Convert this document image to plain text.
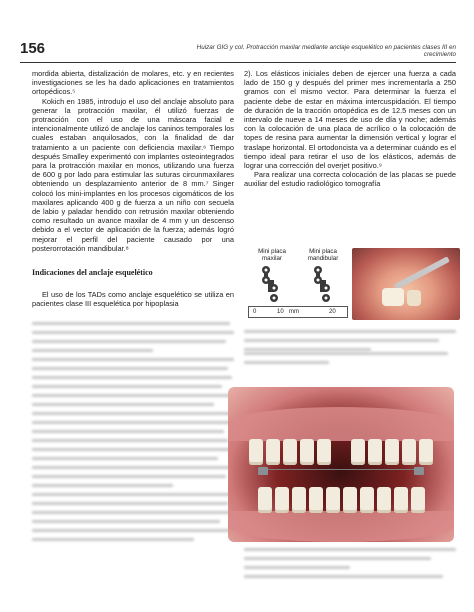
156	Huizar GIG y col. Protracción maxilar mediante anclaje esquelético en pacientes clases III en crecimiento

mordida abierta, distalización de molares, etc. y en recientes investigaciones se les ha dado aplicaciones en tratamientos ortopédicos.⁵

Kokich en 1985, introdujo el uso del anclaje absoluto para generar la protracción maxilar, él utilizó fuerzas de protracción con el uso de una máscara facial e intencionalmente utilizó de anclaje los caninos temporales los cuales estaban anquilosados, con la finalidad de dar tratamiento a un paciente con deficiencia maxilar.⁶ Tiempo después Smalley experimentó con implantes osteointegrados para la protracción maxilar en monos, utilizando una fuerza de 600 g por lado para estimular las suturas circunmaxilares obteniendo un desplazamiento anterior de 8 mm.⁷ Singer colocó los mini-implantes en los procesos cigomáticos de los maxilares aplicando 400 g de fuerza a un niño con secuela de labio y paladar hendido con retrusión maxilar obteniendo como resultado un avance maxilar de 4 mm y un descenso debido a el vector de aplicación de la fuerza; además logró mejorar el perfil del paciente causado por una posterorrotación mandibular.⁸

Indicaciones del anclaje esquelético

El uso de los TADs como anclaje esquelético se utiliza en pacientes clase III esquelética por hipoplasia

2). Los elásticos iniciales deben de ejercer una fuerza a cada lado de 150 g y después del primer mes incrementarla a 250 gramos con el mismo vector. Para determinar la fuerza el paciente debe de estar en máxima intercuspidación. El tiempo de duración de la tracción ortopédica es de 12.5 meses con un intervalo de nueve a 14 meses de uso de día y noche; además con la colocación de una placa de acrílico o la colocación de topes de resina para aumentar la dimensión vertical y lograr el traslape horizontal. El ortodoncista va a determinar cuándo es el tiempo ideal para retirar el uso de los elásticos, además de lograr una corrección del overjet positivo.⁹

Para realizar una correcta colocación de las placas se puede auxiliar del estudio radiológico tomografía

Mini placa maxilar
Mini placa mandibular
0	10 mm	20
